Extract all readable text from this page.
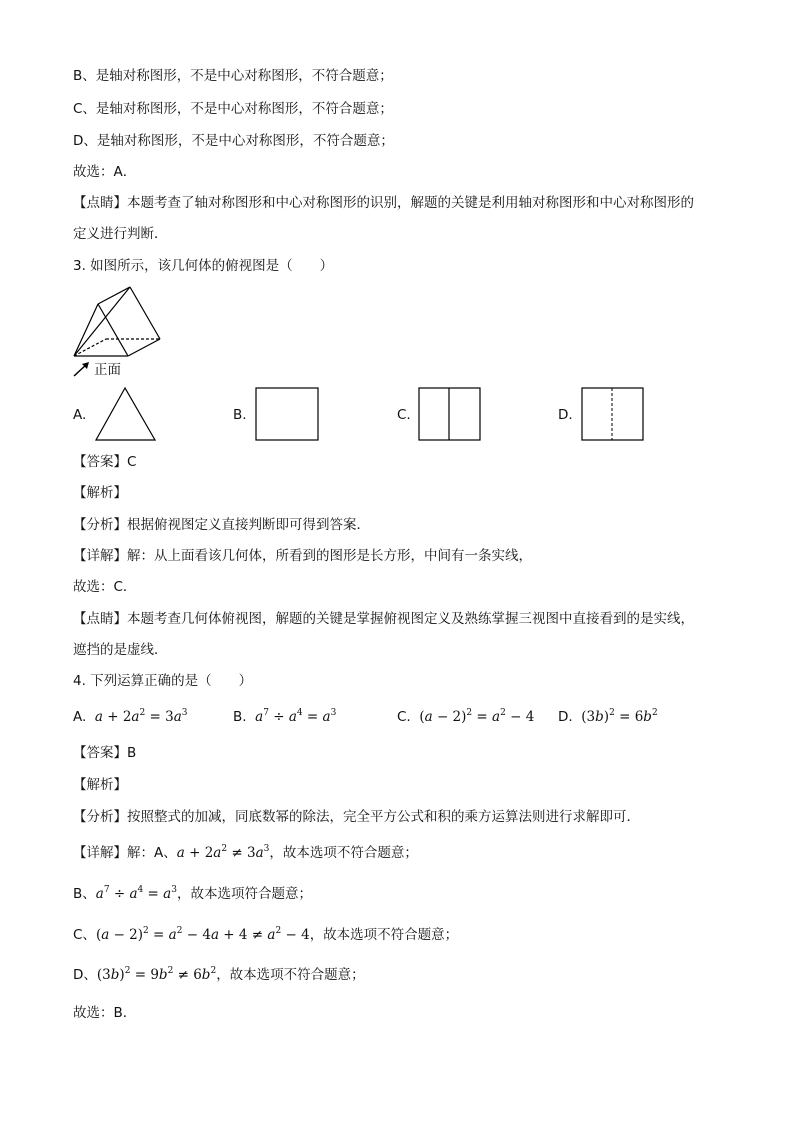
B、是轴对称图形，不是中心对称图形，不符合题意；
C、是轴对称图形，不是中心对称图形，不符合题意；
D、是轴对称图形，不是中心对称图形，不符合题意；
故选：A．
【点睛】本题考查了轴对称图形和中心对称图形的识别，解题的关键是利用轴对称图形和中心对称图形的
定义进行判断．
3. 如图所示，该几何体的俯视图是（　　）
正面
A.	B.	C.	D.
【答案】C
【解析】
【分析】根据俯视图定义直接判断即可得到答案．
【详解】解：从上面看该几何体，所看到的图形是长方形，中间有一条实线，
故选：C．
【点睛】本题考查几何体俯视图，解题的关键是掌握俯视图定义及熟练掌握三视图中直接看到的是实线，
遮挡的是虚线．
4. 下列运算正确的是（　　）
A.  $a + 2a^2 = 3a^3$	B.  $a^7 \div a^4 = a^3$	C. $(a - 2)^2 = a^2 - 4$ D. $(3b)^2 = 6b^2$
【答案】B
【解析】
【分析】按照整式的加减，同底数幂的除法，完全平方公式和积的乘方运算法则进行求解即可．
【详解】解：A、$a + 2a^2 \ne 3a^3$，故本选项不符合题意；
B、$a^7 \div a^4 = a^3$，故本选项符合题意；
C、$(a - 2)^2 = a^2 - 4a + 4 \ne a^2 - 4$，故本选项不符合题意；
D、$(3b)^2 = 9b^2 \ne 6b^2$，故本选项不符合题意；
故选：B．
